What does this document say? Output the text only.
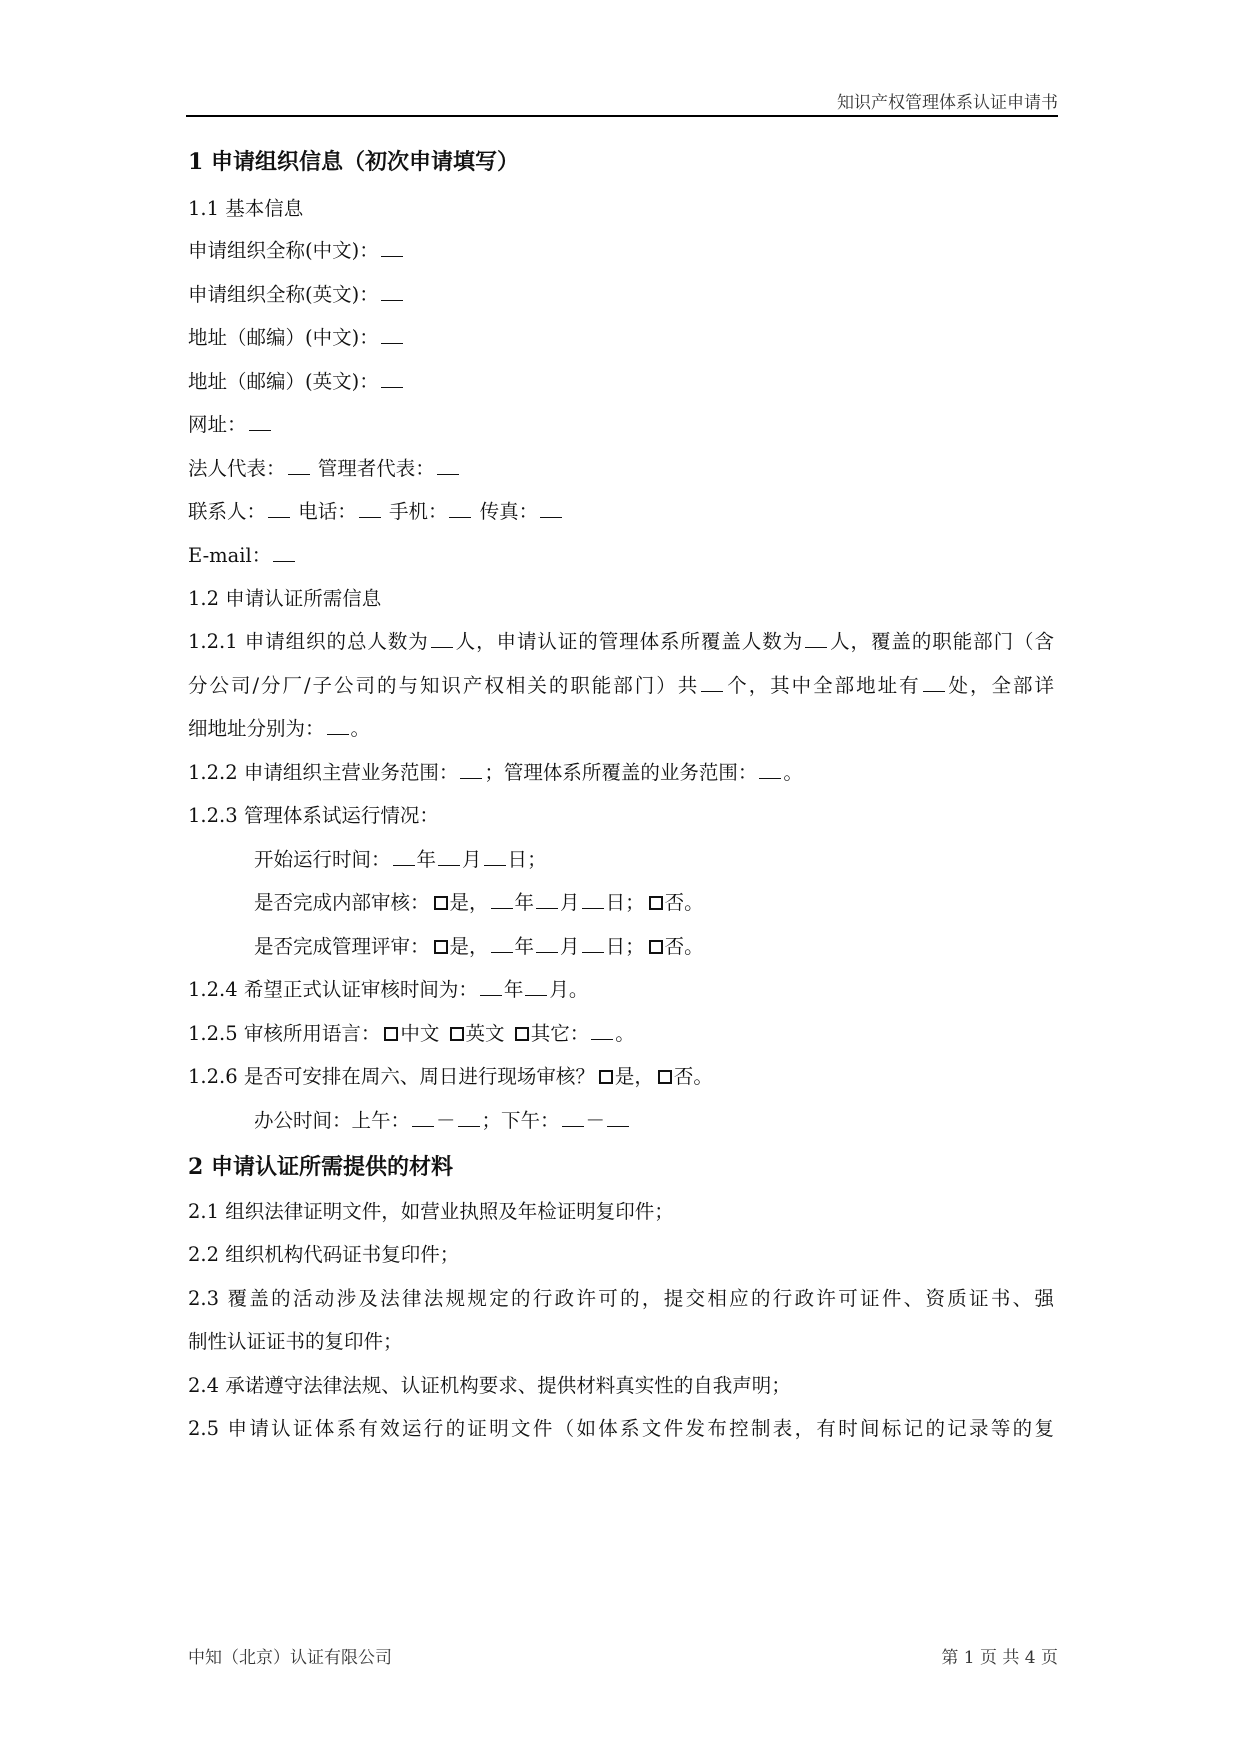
知识产权管理体系认证申请书
1 申请组织信息（初次申请填写）
1.1 基本信息
申请组织全称(中文)：
申请组织全称(英文)：
地址（邮编）(中文)：
地址（邮编）(英文)：
网址：
法人代表： 管理者代表：
联系人： 电话： 手机： 传真：
E-mail：
1.2 申请认证所需信息
1.2.1 申请组织的总人数为 人，申请认证的管理体系所覆盖人数为 人，覆盖的职能部门（含
分公司/分厂/子公司的与知识产权相关的职能部门）共 个，其中全部地址有 处，全部详
细地址分别为： 。
1.2.2 申请组织主营业务范围： ；管理体系所覆盖的业务范围： 。
1.2.3 管理体系试运行情况：
开始运行时间： 年 月 日；
是否完成内部审核： 是， 年 月 日； 否。
是否完成管理评审： 是， 年 月 日； 否。
1.2.4 希望正式认证审核时间为： 年 月。
1.2.5 审核所用语言： 中文 英文 其它： 。
1.2.6 是否可安排在周六、周日进行现场审核？ 是， 否。
办公时间：上午： － ；下午： －
2 申请认证所需提供的材料
2.1 组织法律证明文件，如营业执照及年检证明复印件；
2.2 组织机构代码证书复印件；
2.3 覆盖的活动涉及法律法规规定的行政许可的，提交相应的行政许可证件、资质证书、强
制性认证证书的复印件；
2.4 承诺遵守法律法规、认证机构要求、提供材料真实性的自我声明；
2.5 申请认证体系有效运行的证明文件（如体系文件发布控制表，有时间标记的记录等的复
中知（北京）认证有限公司	第 1 页 共 4 页
